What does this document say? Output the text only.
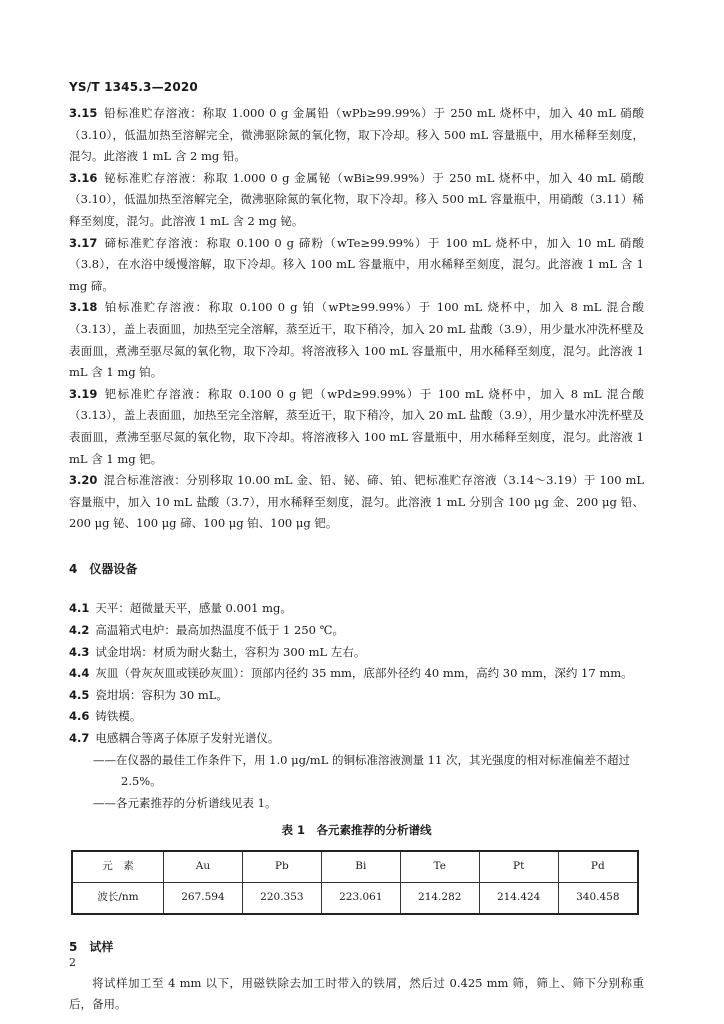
YS/T 1345.3—2020

3.15 铅标准贮存溶液：称取 1.000 0 g 金属铅（wPb≥99.99%）于 250 mL 烧杯中，加入 40 mL 硝酸（3.10），低温加热至溶解完全，微沸驱除氮的氧化物，取下冷却。移入 500 mL 容量瓶中，用水稀释至刻度，混匀。此溶液 1 mL 含 2 mg 铅。

3.16 铋标准贮存溶液：称取 1.000 0 g 金属铋（wBi≥99.99%）于 250 mL 烧杯中，加入 40 mL 硝酸（3.10），低温加热至溶解完全，微沸驱除氮的氧化物，取下冷却。移入 500 mL 容量瓶中，用硝酸（3.11）稀释至刻度，混匀。此溶液 1 mL 含 2 mg 铋。

3.17 碲标准贮存溶液：称取 0.100 0 g 碲粉（wTe≥99.99%）于 100 mL 烧杯中，加入 10 mL 硝酸（3.8），在水浴中缓慢溶解，取下冷却。移入 100 mL 容量瓶中，用水稀释至刻度，混匀。此溶液 1 mL 含 1 mg 碲。

3.18 铂标准贮存溶液：称取 0.100 0 g 铂（wPt≥99.99%）于 100 mL 烧杯中，加入 8 mL 混合酸（3.13），盖上表面皿，加热至完全溶解，蒸至近干，取下稍冷，加入 20 mL 盐酸（3.9），用少量水冲洗杯壁及表面皿，煮沸至驱尽氮的氧化物，取下冷却。将溶液移入 100 mL 容量瓶中，用水稀释至刻度，混匀。此溶液 1 mL 含 1 mg 铂。

3.19 钯标准贮存溶液：称取 0.100 0 g 钯（wPd≥99.99%）于 100 mL 烧杯中，加入 8 mL 混合酸（3.13），盖上表面皿，加热至完全溶解，蒸至近干，取下稍冷，加入 20 mL 盐酸（3.9），用少量水冲洗杯壁及表面皿，煮沸至驱尽氮的氧化物，取下冷却。将溶液移入 100 mL 容量瓶中，用水稀释至刻度，混匀。此溶液 1 mL 含 1 mg 钯。

3.20 混合标准溶液：分别移取 10.00 mL 金、铅、铋、碲、铂、钯标准贮存溶液（3.14～3.19）于 100 mL 容量瓶中，加入 10 mL 盐酸（3.7），用水稀释至刻度，混匀。此溶液 1 mL 分别含 100 μg 金、200 μg 铅、200 μg 铋、100 μg 碲、100 μg 铂、100 μg 钯。

4 仪器设备

4.1 天平：超微量天平，感量 0.001 mg。

4.2 高温箱式电炉：最高加热温度不低于 1 250 ℃。

4.3 试金坩埚：材质为耐火黏土，容积为 300 mL 左右。

4.4 灰皿（骨灰灰皿或镁砂灰皿）：顶部内径约 35 mm，底部外径约 40 mm，高约 30 mm，深约 17 mm。

4.5 瓷坩埚：容积为 30 mL。

4.6 铸铁模。

4.7 电感耦合等离子体原子发射光谱仪。

——在仪器的最佳工作条件下，用 1.0 μg/mL 的铜标准溶液测量 11 次，其光强度的相对标准偏差不超过 2.5%。

——各元素推荐的分析谱线见表 1。

表 1　各元素推荐的分析谱线

元　素	Au	Pb	Bi	Te	Pt	Pd
波长/nm	267.594	220.353	223.061	214.282	214.424	340.458

5 试样

将试样加工至 4 mm 以下，用磁铁除去加工时带入的铁屑，然后过 0.425 mm 筛，筛上、筛下分别称重后，备用。

2
